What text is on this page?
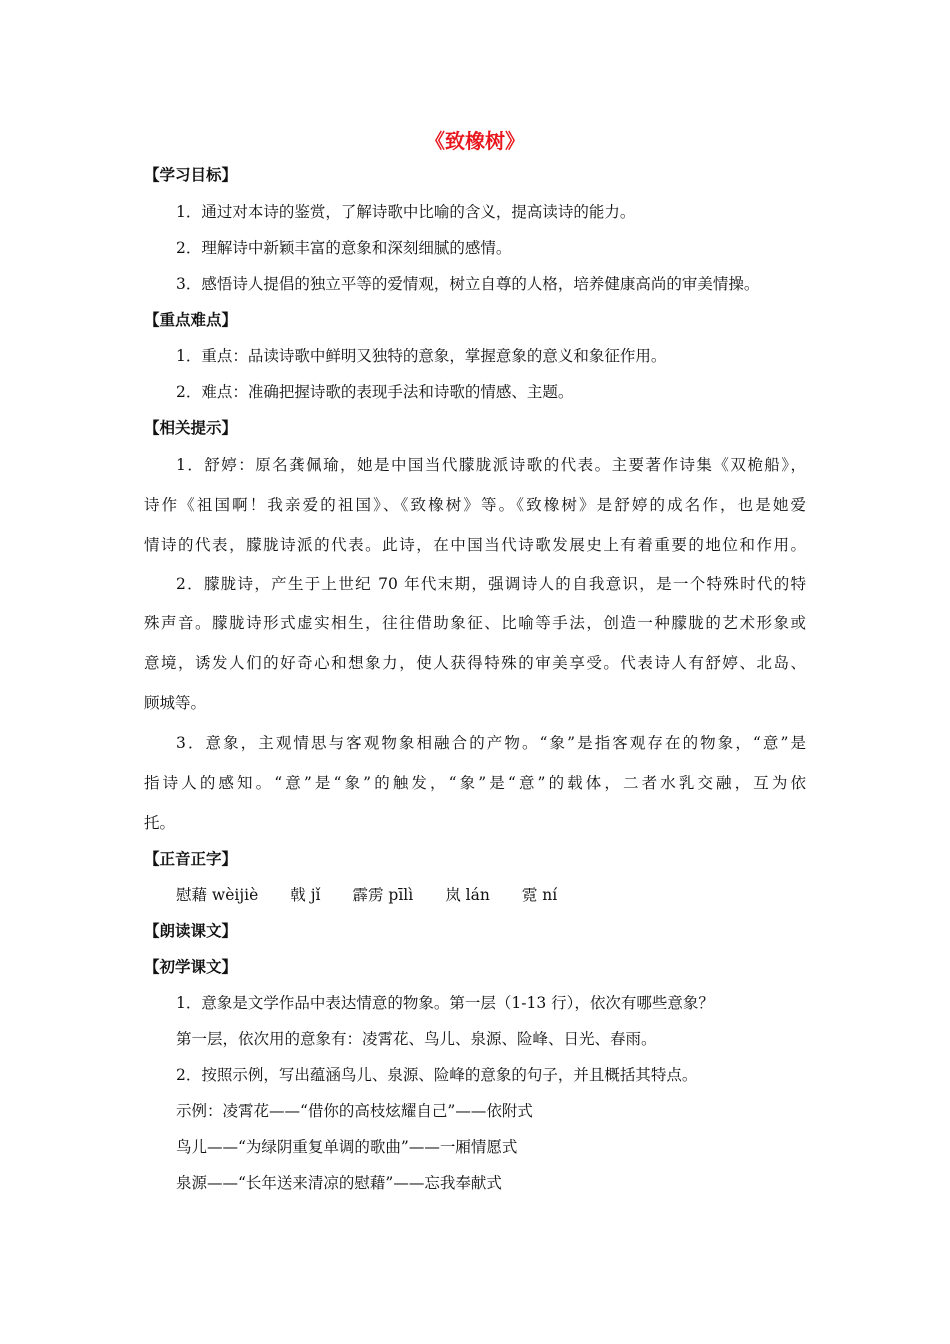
《致橡树》
【学习目标】
1．通过对本诗的鉴赏，了解诗歌中比喻的含义，提高读诗的能力。
2．理解诗中新颖丰富的意象和深刻细腻的感情。
3．感悟诗人提倡的独立平等的爱情观，树立自尊的人格，培养健康高尚的审美情操。
【重点难点】
1．重点：品读诗歌中鲜明又独特的意象，掌握意象的意义和象征作用。
2．难点：准确把握诗歌的表现手法和诗歌的情感、主题。
【相关提示】
1．舒婷：原名龚佩瑜，她是中国当代朦胧派诗歌的代表。主要著作诗集《双桅船》，
诗作《祖国啊！我亲爱的祖国》、《致橡树》等。《致橡树》是舒婷的成名作，也是她爱
情诗的代表，朦胧诗派的代表。此诗，在中国当代诗歌发展史上有着重要的地位和作用。
2．朦胧诗，产生于上世纪 70 年代末期，强调诗人的自我意识，是一个特殊时代的特
殊声音。朦胧诗形式虚实相生，往往借助象征、比喻等手法，创造一种朦胧的艺术形象或
意境，诱发人们的好奇心和想象力，使人获得特殊的审美享受。代表诗人有舒婷、北岛、
顾城等。
3．意象，主观情思与客观物象相融合的产物。“象”是指客观存在的物象，“意”是
指诗人的感知。“意”是“象”的触发，“象”是“意”的载体，二者水乳交融，互为依
托。
【正音正字】
慰藉 wèijiè 戟 jǐ 霹雳 pīlì 岚 lán 霓 ní
【朗读课文】
【初学课文】
1．意象是文学作品中表达情意的物象。第一层（1-13 行），依次有哪些意象？
第一层，依次用的意象有：凌霄花、鸟儿、泉源、险峰、日光、春雨。
2．按照示例，写出蕴涵鸟儿、泉源、险峰的意象的句子，并且概括其特点。
示例：凌霄花——“借你的高枝炫耀自己”——依附式
鸟儿——“为绿阴重复单调的歌曲”——一厢情愿式
泉源——“长年送来清凉的慰藉”——忘我奉献式
